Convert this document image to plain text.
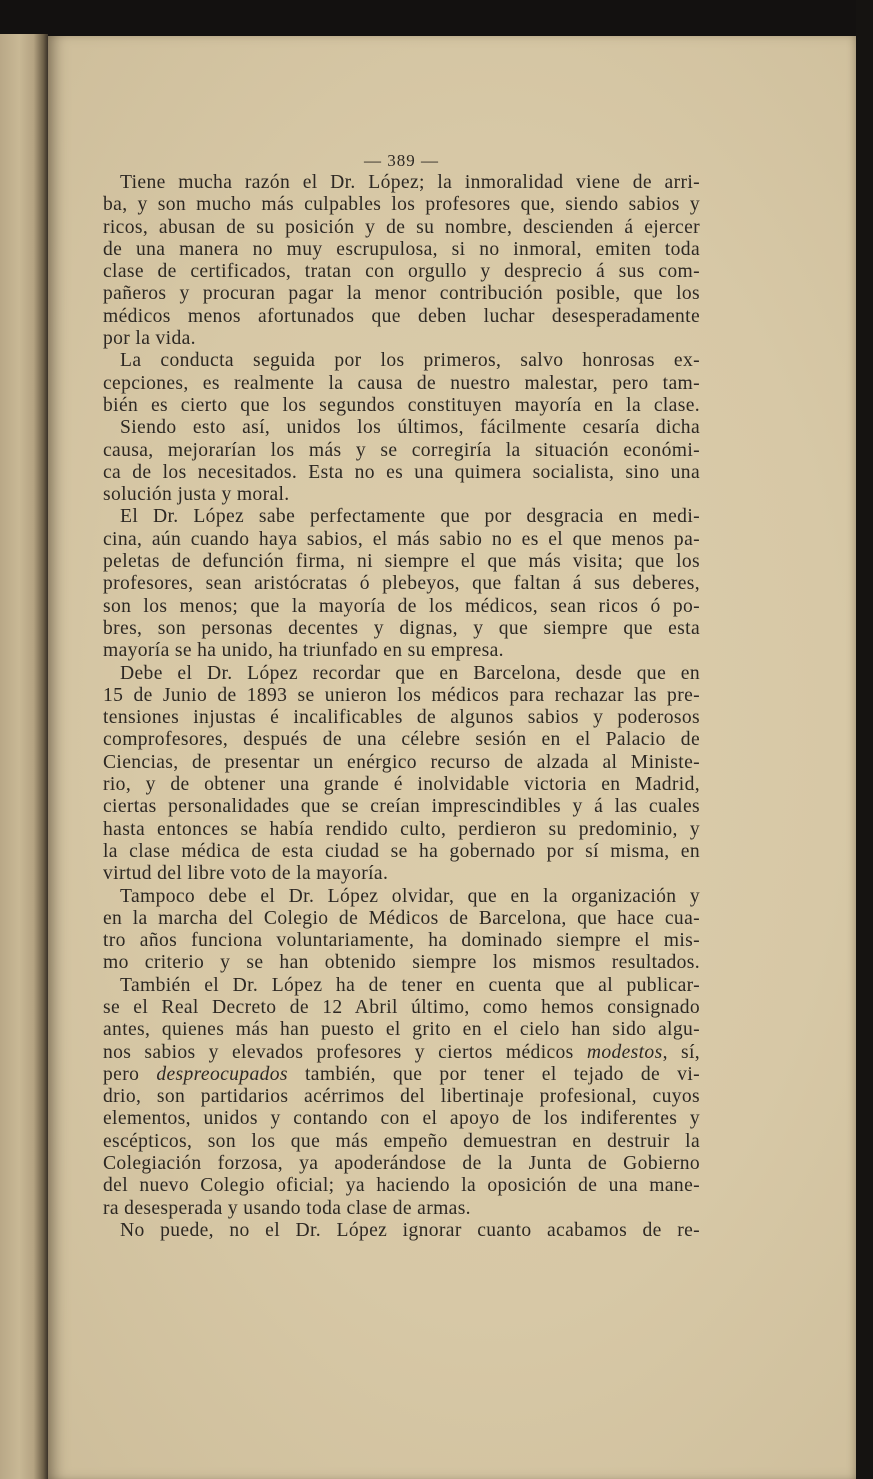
— 389 —
Tiene mucha razón el Dr. López; la inmoralidad viene de arri-
ba, y son mucho más culpables los profesores que, siendo sabios y
ricos, abusan de su posición y de su nombre, descienden á ejercer
de una manera no muy escrupulosa, si no inmoral, emiten toda
clase de certificados, tratan con orgullo y desprecio á sus com-
pañeros y procuran pagar la menor contribución posible, que los
médicos menos afortunados que deben luchar desesperadamente
por la vida.
La conducta seguida por los primeros, salvo honrosas ex-
cepciones, es realmente la causa de nuestro malestar, pero tam-
bién es cierto que los segundos constituyen mayoría en la clase.
Siendo esto así, unidos los últimos, fácilmente cesaría dicha
causa, mejorarían los más y se corregiría la situación económi-
ca de los necesitados. Esta no es una quimera socialista, sino una
solución justa y moral.
El Dr. López sabe perfectamente que por desgracia en medi-
cina, aún cuando haya sabios, el más sabio no es el que menos pa-
peletas de defunción firma, ni siempre el que más visita; que los
profesores, sean aristócratas ó plebeyos, que faltan á sus deberes,
son los menos; que la mayoría de los médicos, sean ricos ó po-
bres, son personas decentes y dignas, y que siempre que esta
mayoría se ha unido, ha triunfado en su empresa.
Debe el Dr. López recordar que en Barcelona, desde que en
15 de Junio de 1893 se unieron los médicos para rechazar las pre-
tensiones injustas é incalificables de algunos sabios y poderosos
comprofesores, después de una célebre sesión en el Palacio de
Ciencias, de presentar un enérgico recurso de alzada al Ministe-
rio, y de obtener una grande é inolvidable victoria en Madrid,
ciertas personalidades que se creían imprescindibles y á las cuales
hasta entonces se había rendido culto, perdieron su predominio, y
la clase médica de esta ciudad se ha gobernado por sí misma, en
virtud del libre voto de la mayoría.
Tampoco debe el Dr. López olvidar, que en la organización y
en la marcha del Colegio de Médicos de Barcelona, que hace cua-
tro años funciona voluntariamente, ha dominado siempre el mis-
mo criterio y se han obtenido siempre los mismos resultados.
También el Dr. López ha de tener en cuenta que al publicar-
se el Real Decreto de 12 Abril último, como hemos consignado
antes, quienes más han puesto el grito en el cielo han sido algu-
nos sabios y elevados profesores y ciertos médicos modestos, sí,
pero despreocupados también, que por tener el tejado de vi-
drio, son partidarios acérrimos del libertinaje profesional, cuyos
elementos, unidos y contando con el apoyo de los indiferentes y
escépticos, son los que más empeño demuestran en destruir la
Colegiación forzosa, ya apoderándose de la Junta de Gobierno
del nuevo Colegio oficial; ya haciendo la oposición de una mane-
ra desesperada y usando toda clase de armas.
No puede, no el Dr. López ignorar cuanto acabamos de re-
